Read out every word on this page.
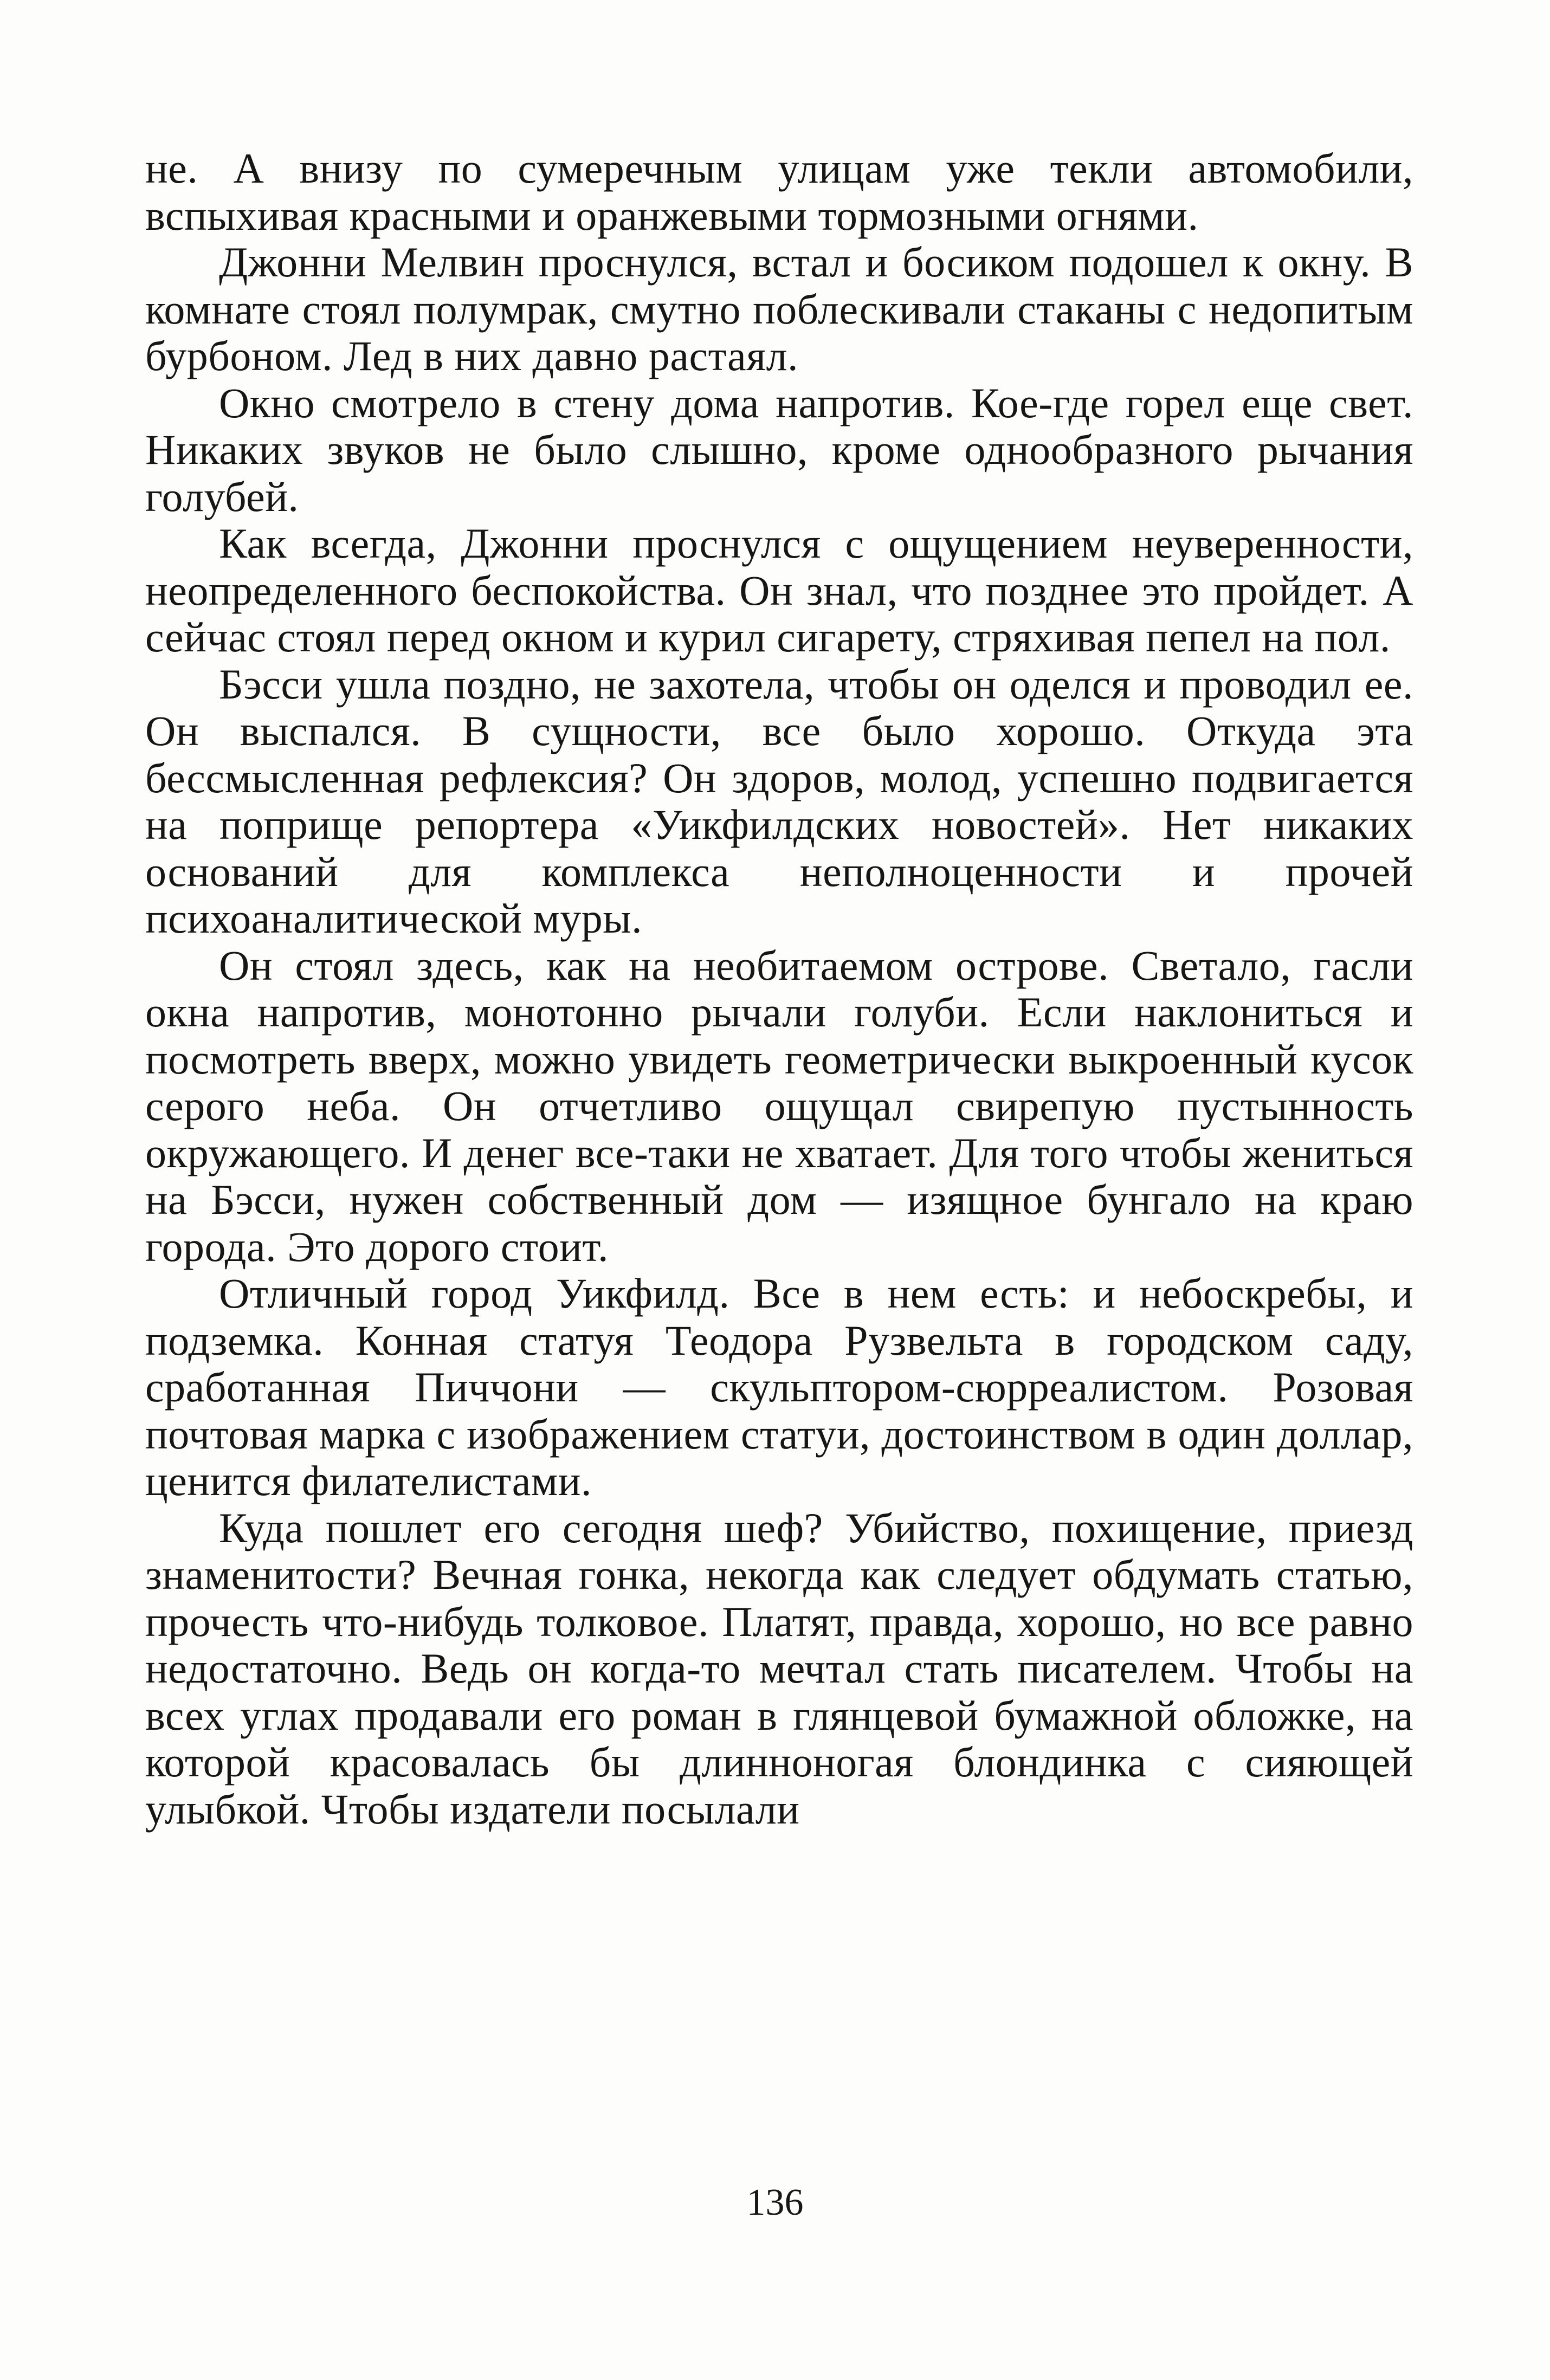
не. А внизу по сумеречным улицам уже текли автомобили, вспыхивая красными и оранжевыми тормозными огнями.

Джонни Мелвин проснулся, встал и босиком подошел к окну. В комнате стоял полумрак, смутно поблескивали стаканы с недопитым бурбоном. Лед в них давно растаял.

Окно смотрело в стену дома напротив. Кое-где горел еще свет. Никаких звуков не было слышно, кроме однообразного рычания голубей.

Как всегда, Джонни проснулся с ощущением неуверенности, неопределенного беспокойства. Он знал, что позднее это пройдет. А сейчас стоял перед окном и курил сигарету, стряхивая пепел на пол.

Бэсси ушла поздно, не захотела, чтобы он оделся и проводил ее. Он выспался. В сущности, все было хорошо. Откуда эта бессмысленная рефлексия? Он здоров, молод, успешно подвигается на поприще репортера «Уикфилдских новостей». Нет никаких оснований для комплекса неполноценности и прочей психоаналитической муры.

Он стоял здесь, как на необитаемом острове. Светало, гасли окна напротив, монотонно рычали голуби. Если наклониться и посмотреть вверх, можно увидеть геометрически выкроенный кусок серого неба. Он отчетливо ощущал свирепую пустынность окружающего. И денег все-таки не хватает. Для того чтобы жениться на Бэсси, нужен собственный дом — изящное бунгало на краю города. Это дорого стоит.

Отличный город Уикфилд. Все в нем есть: и небоскребы, и подземка. Конная статуя Теодора Рузвельта в городском саду, сработанная Пиччони — скульптором-сюрреалистом. Розовая почтовая марка с изображением статуи, достоинством в один доллар, ценится филателистами.

Куда пошлет его сегодня шеф? Убийство, похищение, приезд знаменитости? Вечная гонка, некогда как следует обдумать статью, прочесть что-нибудь толковое. Платят, правда, хорошо, но все равно недостаточно. Ведь он когда-то мечтал стать писателем. Чтобы на всех углах продавали его роман в глянцевой бумажной обложке, на которой красовалась бы длинноногая блондинка с сияющей улыбкой. Чтобы издатели посылали

136
